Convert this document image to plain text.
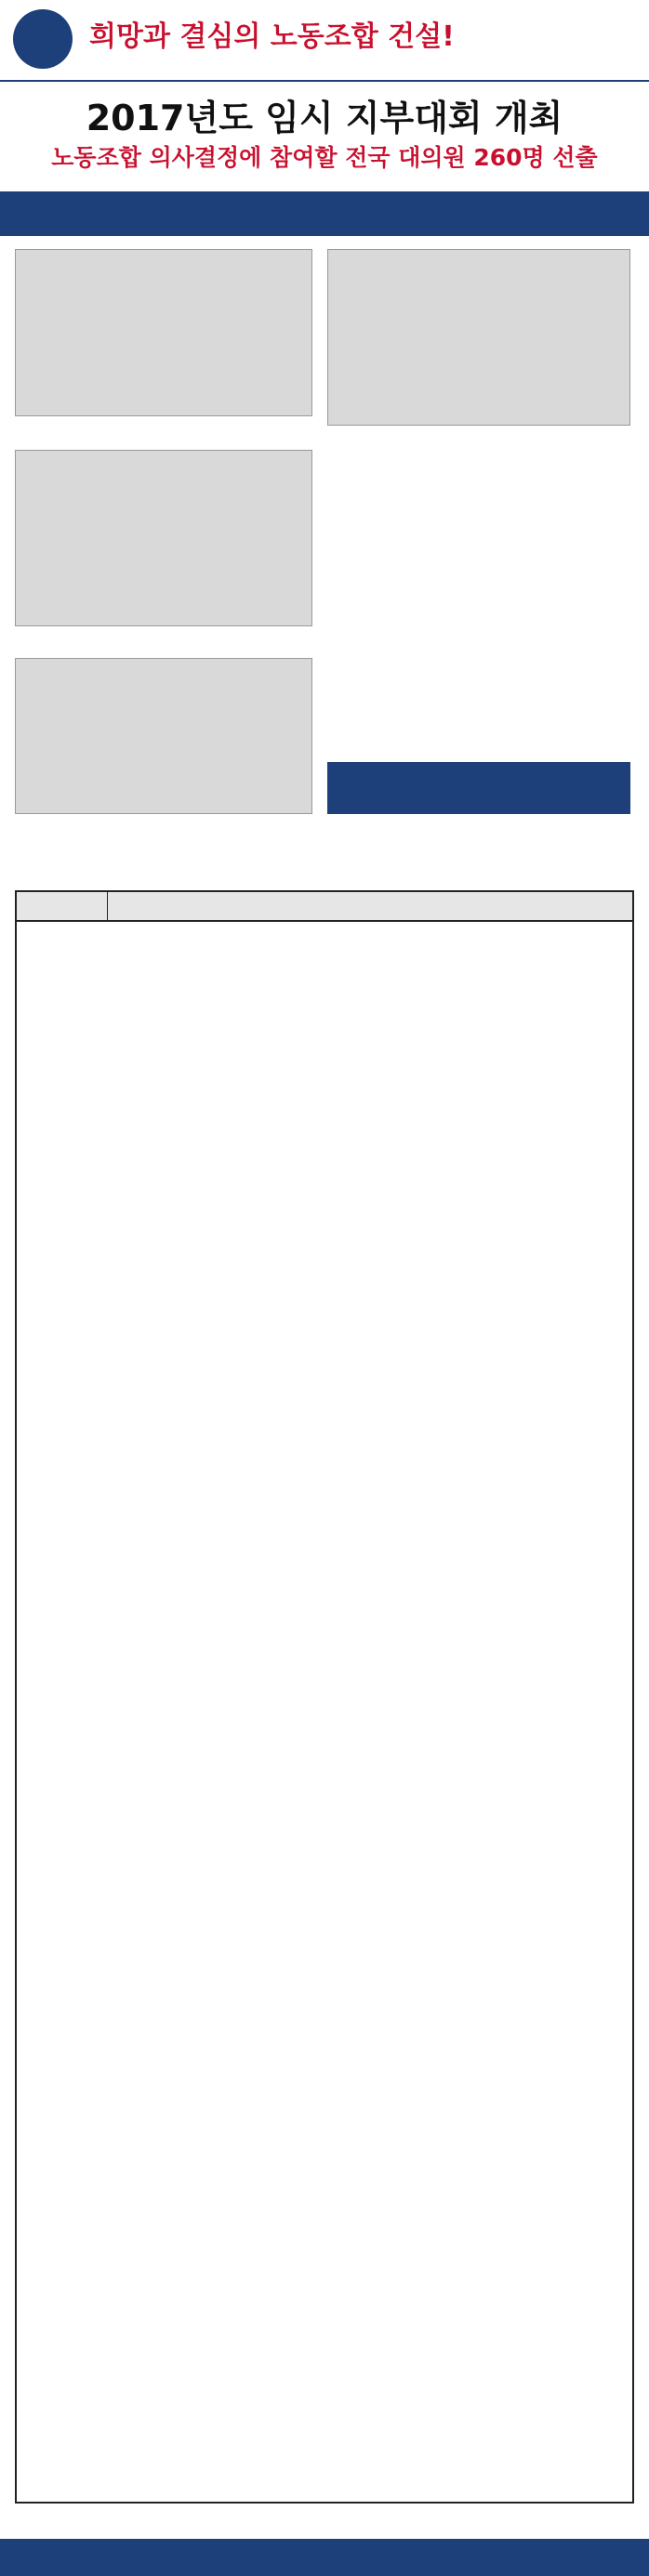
희망과 결심의 노동조합 건설!
2017년도 임시 지부대회 개최
노동조합 의사결정에 참여할 전국 대의원 260명 선출
